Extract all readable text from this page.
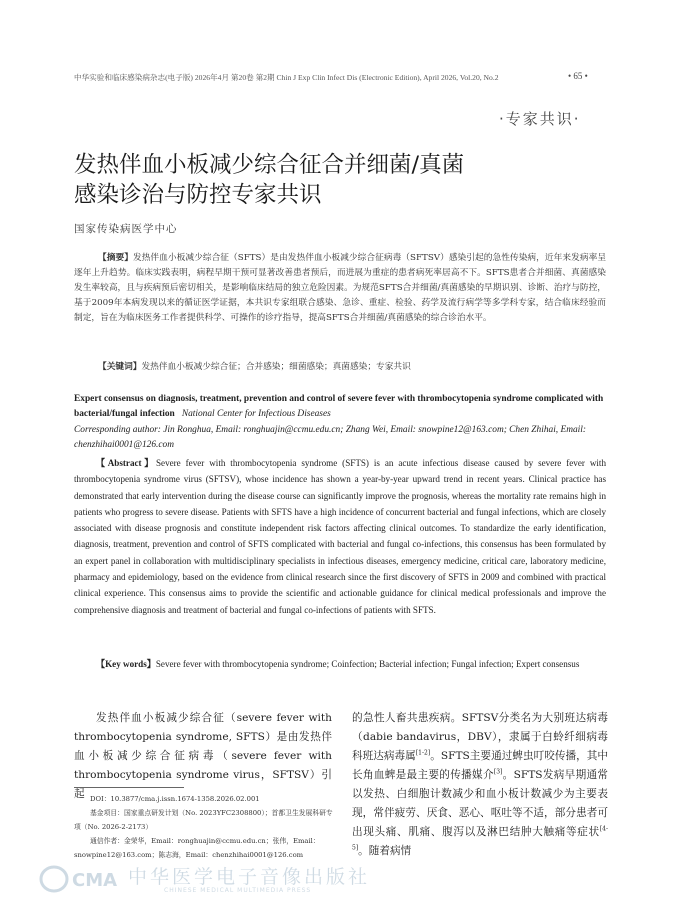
中华实验和临床感染病杂志(电子版) 2026年4月 第20卷 第2期 Chin J Exp Clin Infect Dis (Electronic Edition), April 2026, Vol.20, No.2	• 65 •
·专家共识·
发热伴血小板减少综合征合并细菌/真菌
感染诊治与防控专家共识
国家传染病医学中心
【摘要】发热伴血小板减少综合征（SFTS）是由发热伴血小板减少综合征病毒（SFTSV）感染引起的急性传染病，近年来发病率呈逐年上升趋势。临床实践表明，病程早期干预可显著改善患者预后，而进展为重症的患者病死率居高不下。SFTS患者合并细菌、真菌感染发生率较高，且与疾病预后密切相关，是影响临床结局的独立危险因素。为规范SFTS合并细菌/真菌感染的早期识别、诊断、治疗与防控，基于2009年本病发现以来的循证医学证据，本共识专家组联合感染、急诊、重症、检验、药学及流行病学等多学科专家，结合临床经验而制定，旨在为临床医务工作者提供科学、可操作的诊疗指导，提高SFTS合并细菌/真菌感染的综合诊治水平。
【关键词】发热伴血小板减少综合征；合并感染；细菌感染；真菌感染；专家共识
Expert consensus on diagnosis, treatment, prevention and control of severe fever with thrombocytopenia syndrome complicated with bacterial/fungal infection National Center for Infectious Diseases
Corresponding author: Jin Ronghua, Email: ronghuajin@ccmu.edu.cn; Zhang Wei, Email: snowpine12@163.com; Chen Zhihai, Email: chenzhihai0001@126.com
【Abstract】Severe fever with thrombocytopenia syndrome (SFTS) is an acute infectious disease caused by severe fever with thrombocytopenia syndrome virus (SFTSV), whose incidence has shown a year-by-year upward trend in recent years. Clinical practice has demonstrated that early intervention during the disease course can significantly improve the prognosis, whereas the mortality rate remains high in patients who progress to severe disease. Patients with SFTS have a high incidence of concurrent bacterial and fungal infections, which are closely associated with disease prognosis and constitute independent risk factors affecting clinical outcomes. To standardize the early identification, diagnosis, treatment, prevention and control of SFTS complicated with bacterial and fungal co-infections, this consensus has been formulated by an expert panel in collaboration with multidisciplinary specialists in infectious diseases, emergency medicine, critical care, laboratory medicine, pharmacy and epidemiology, based on the evidence from clinical research since the first discovery of SFTS in 2009 and combined with practical clinical experience. This consensus aims to provide the scientific and actionable guidance for clinical medical professionals and improve the comprehensive diagnosis and treatment of bacterial and fungal co-infections of patients with SFTS.
【Key words】Severe fever with thrombocytopenia syndrome; Coinfection; Bacterial infection; Fungal infection; Expert consensus
发热伴血小板减少综合征（severe fever with thrombocytopenia syndrome, SFTS）是由发热伴血小板减少综合征病毒（severe fever with thrombocytopenia syndrome virus，SFTSV）引起
的急性人畜共患疾病。SFTSV分类名为大别班达病毒（dabie bandavirus，DBV），隶属于白蛉纤细病毒科班达病毒属[1-2]。SFTS主要通过蜱虫叮咬传播，其中长角血蜱是最主要的传播媒介[3]。SFTS发病早期通常以发热、白细胞计数减少和血小板计数减少为主要表现，常伴疲劳、厌食、恶心、呕吐等不适，部分患者可出现头痛、肌痛、腹泻以及淋巴结肿大触痛等症状[4-5]。随着病情
DOI：10.3877/cma.j.issn.1674-1358.2026.02.001
基金项目：国家重点研发计划（No. 2023YFC2308800）；首都卫生发展科研专项（No. 2026-2-2173）
通信作者：金荣华，Email：ronghuajin@ccmu.edu.cn；张伟，Email：snowpine12@163.com；陈志海，Email：chenzhihai0001@126.com
CMA 中华医学电子音像出版社
CHINESE MEDICAL MULTIMEDIA PRESS
